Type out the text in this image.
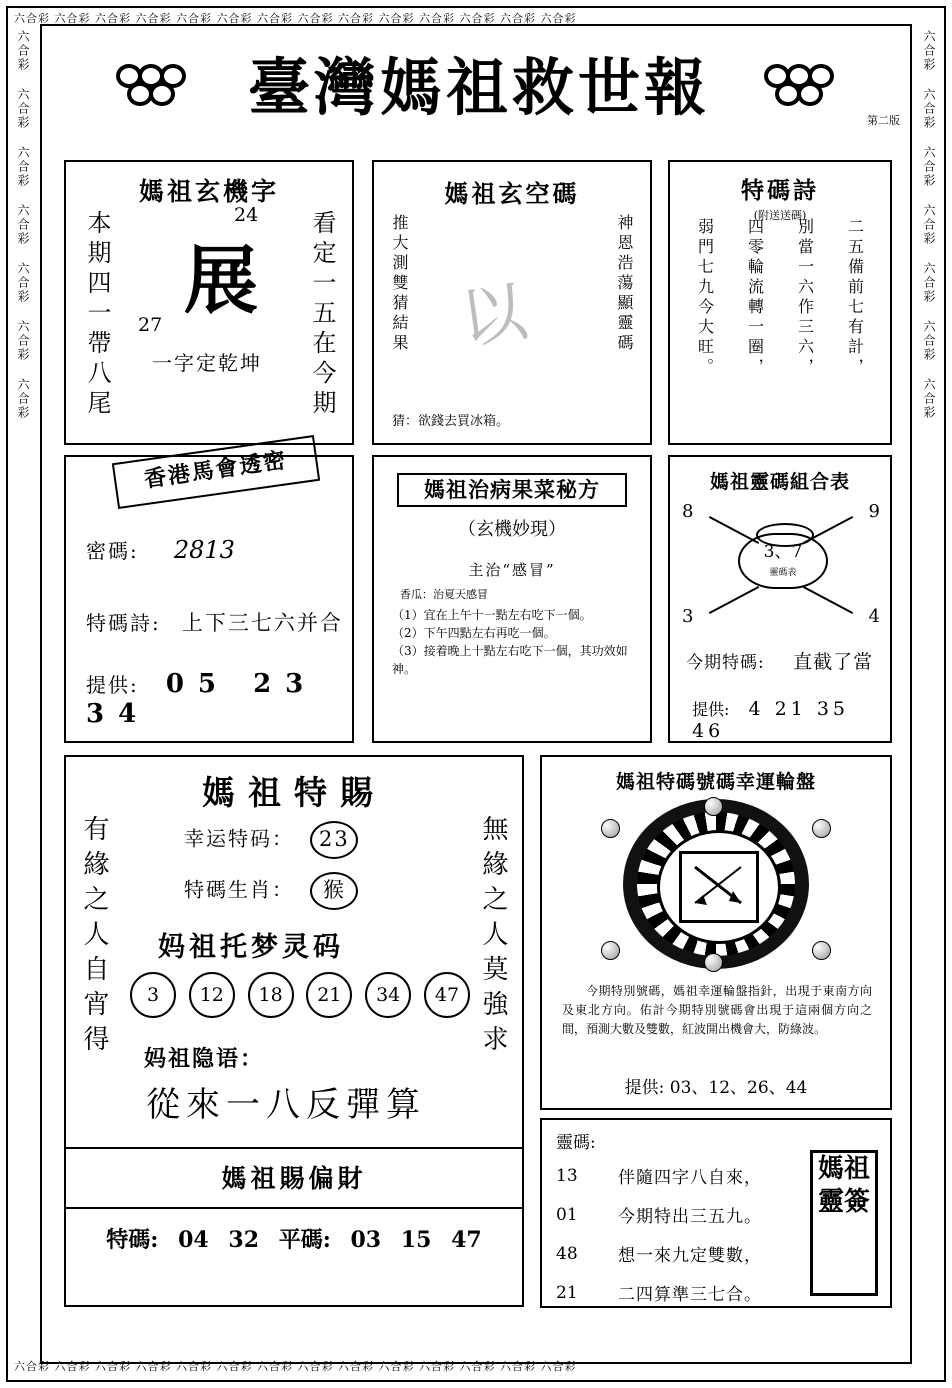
六合彩 六合彩 六合彩 六合彩 六合彩 六合彩 六合彩 六合彩 六合彩 六合彩 六合彩 六合彩 六合彩 六合彩
六合彩 六合彩 六合彩 六合彩 六合彩 六合彩 六合彩 六合彩 六合彩 六合彩 六合彩 六合彩 六合彩 六合彩
六合彩 六合彩 六合彩 六合彩 六合彩 六合彩 六合彩	六合彩 六合彩 六合彩 六合彩 六合彩 六合彩 六合彩
臺灣媽祖救世報	第二版
媽祖玄機字
本期四一帶八尾	看定一五在今期
24
展
27
一字定乾坤
媽祖玄空碼
推大測雙猜結果	神恩浩蕩顯靈碼
以
猜：欲錢去買冰箱。
特碼詩
(附送送碼)
二五備前七有計，
別當一六作三六，
四零輪流轉一圈，
弱門七九今大旺。
香港馬會透密
密碼: 2813
特碼詩: 上下三七六并合
提供: 05 23 34
媽祖治病果菜秘方
（玄機妙現）
主治“感冒”
香瓜：治夏天感冒
（1）宜在上午十一點左右吃下一個。
（2）下午四點左右再吃一個。
（3）接着晚上十點左右吃下一個，其功效如神。
媽祖靈碼組合表
8	9
3	4
3、7
靈碼表
今期特碼: 直截了當
提供: 4 21 35 46
媽祖特賜
有緣之人自宵得	無緣之人莫強求
幸运特码： 23
特碼生肖： 猴
妈祖托梦灵码
3	12	18	21	34	47
妈祖隐语：
從來一八反彈算
媽祖賜偏財
特碼: 04 32 平碼: 03 15 47
媽祖特碼號碼幸運輪盤
今期特別號碼，媽祖幸運輪盤指針，出現于東南方向及東北方向。佑計今期特別號碼會出現于這兩個方向之間，預測大數及雙數，紅波開出機會大，防綠波。
提供: 03、12、26、44
靈碼:
13	伴隨四字八自來，
01	今期特出三五九。
48	想一來九定雙數，
21	二四算準三七合。
媽祖靈簽
